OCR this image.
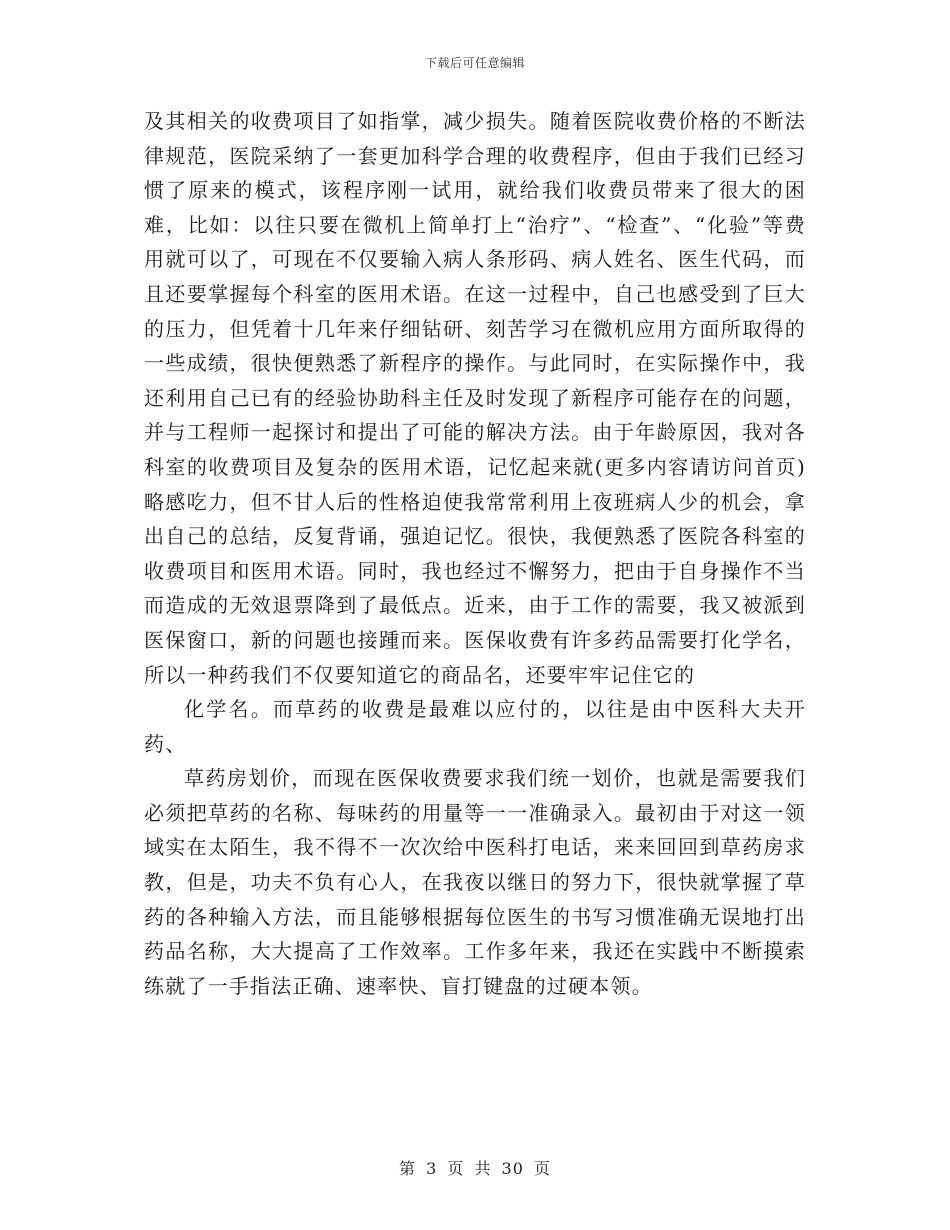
下载后可任意编辑

及其相关的收费项目了如指掌，减少损失。随着医院收费价格的不断法律规范，医院采纳了一套更加科学合理的收费程序，但由于我们已经习惯了原来的模式，该程序刚一试用，就给我们收费员带来了很大的困难，比如：以往只要在微机上简单打上“治疗”、“检查”、“化验”等费用就可以了，可现在不仅要输入病人条形码、病人姓名、医生代码，而且还要掌握每个科室的医用术语。在这一过程中，自己也感受到了巨大的压力，但凭着十几年来仔细钻研、刻苦学习在微机应用方面所取得的一些成绩，很快便熟悉了新程序的操作。与此同时，在实际操作中，我还利用自己已有的经验协助科主任及时发现了新程序可能存在的问题，并与工程师一起探讨和提出了可能的解决方法。由于年龄原因，我对各科室的收费项目及复杂的医用术语，记忆起来就(更多内容请访问首页)略感吃力，但不甘人后的性格迫使我常常利用上夜班病人少的机会，拿出自己的总结，反复背诵，强迫记忆。很快，我便熟悉了医院各科室的收费项目和医用术语。同时，我也经过不懈努力，把由于自身操作不当而造成的无效退票降到了最低点。近来，由于工作的需要，我又被派到医保窗口，新的问题也接踵而来。医保收费有许多药品需要打化学名，所以一种药我们不仅要知道它的商品名，还要牢牢记住它的

化学名。而草药的收费是最难以应付的，以往是由中医科大夫开药、

草药房划价，而现在医保收费要求我们统一划价，也就是需要我们必须把草药的名称、每味药的用量等一一准确录入。最初由于对这一领域实在太陌生，我不得不一次次给中医科打电话，来来回回到草药房求教，但是，功夫不负有心人，在我夜以继日的努力下，很快就掌握了草药的各种输入方法，而且能够根据每位医生的书写习惯准确无误地打出药品名称，大大提高了工作效率。工作多年来，我还在实践中不断摸索练就了一手指法正确、速率快、盲打键盘的过硬本领。

第 3 页 共 30 页
